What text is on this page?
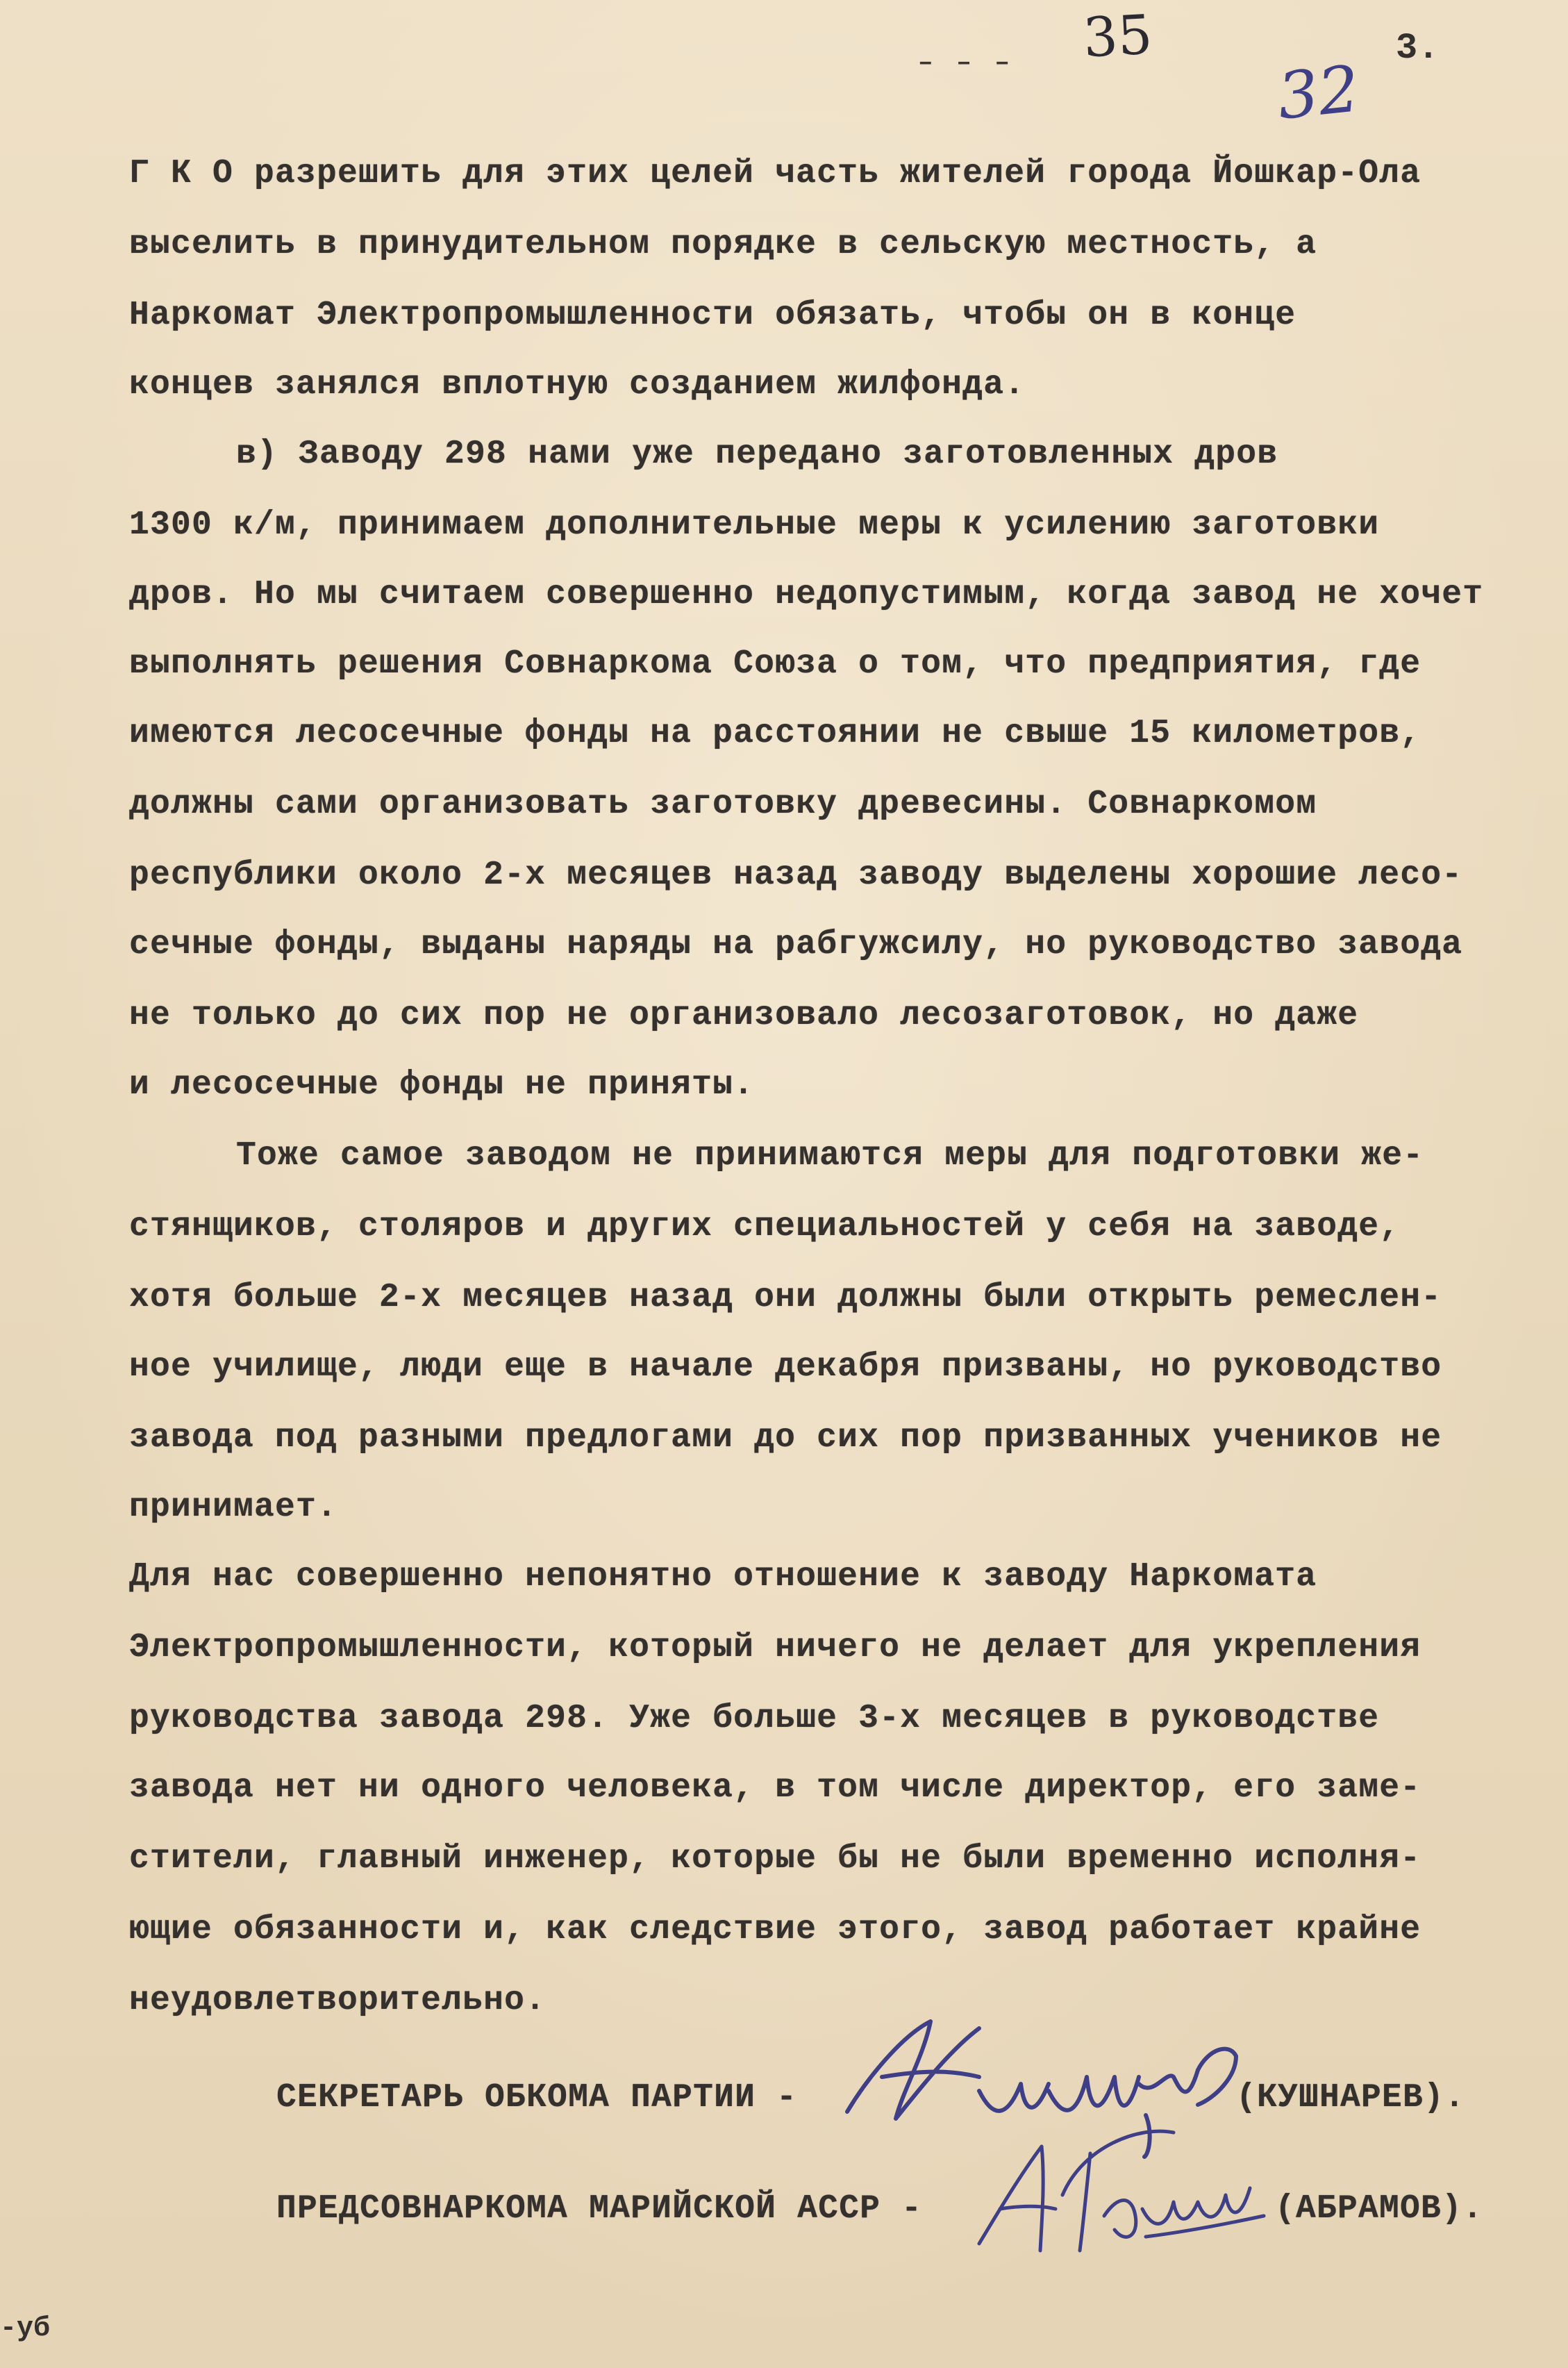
– – – 35
32
3.
Г К О разрешить для этих целей часть жителей города Йошкар-Ола
выселить в принудительном порядке в сельскую местность, а
Наркомат Электропромышленности обязать, чтобы он в конце
концев занялся вплотную созданием жилфонда.
в) Заводу 298 нами уже передано заготовленных дров
1300 к/м, принимаем дополнительные меры к усилению заготовки
дров. Но мы считаем совершенно недопустимым, когда завод не хочет
выполнять решения Совнаркома Союза о том, что предприятия, где
имеются лесосечные фонды на расстоянии не свыше 15 километров,
должны сами организовать заготовку древесины. Совнаркомом
республики около 2-х месяцев назад заводу выделены хорошие лесо-
сечные фонды, выданы наряды на рабгужсилу, но руководство завода
не только до сих пор не организовало лесозаготовок, но даже
и лесосечные фонды не приняты.
Тоже самое заводом не принимаются меры для подготовки же-
стянщиков, столяров и других специальностей у себя на заводе,
хотя больше 2-х месяцев назад они должны были открыть ремеслен-
ное училище, люди еще в начале декабря призваны, но руководство
завода под разными предлогами до сих пор призванных учеников не
принимает.
Для нас совершенно непонятно отношение к заводу Наркомата
Электропромышленности, который ничего не делает для укрепления
руководства завода 298. Уже больше 3-х месяцев в руководстве
завода нет ни одного человека, в том числе директор, его заме-
стители, главный инженер, которые бы не были временно исполня-
ющие обязанности и, как следствие этого, завод работает крайне
неудовлетворительно.
СЕКРЕТАРЬ ОБКОМА ПАРТИИ -	(КУШНАРЕВ).
ПРЕДСОВНАРКОМА МАРИЙСКОЙ АССР -	(АБРАМОВ).
-уб
